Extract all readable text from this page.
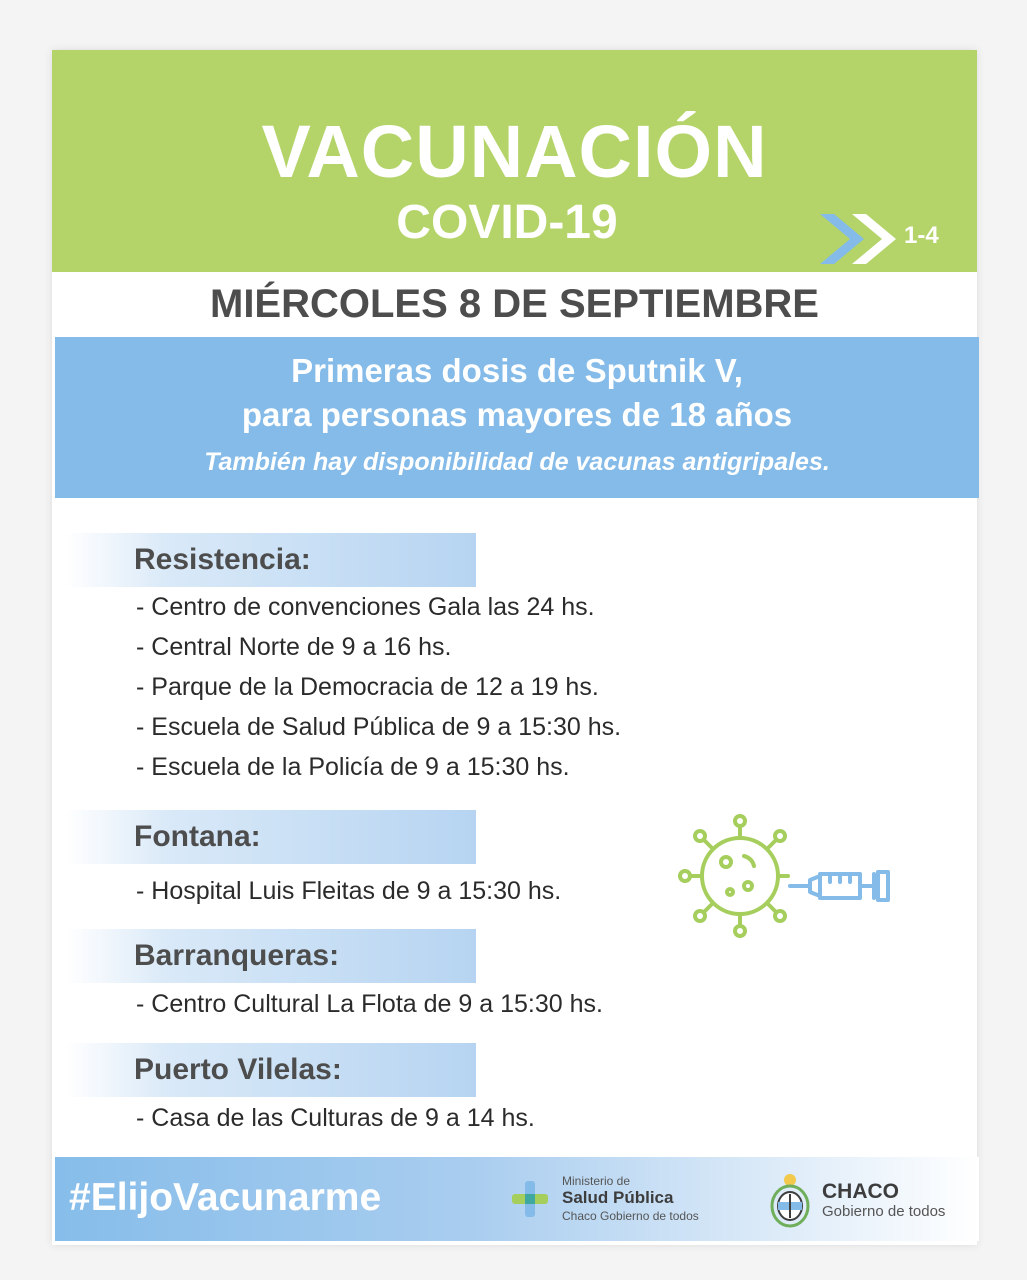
VACUNACIÓN
COVID-19	1-4
MIÉRCOLES 8 DE SEPTIEMBRE
Primeras dosis de Sputnik V,
para personas mayores de 18 años
También hay disponibilidad de vacunas antigripales.
Resistencia:
- Centro de convenciones Gala las 24 hs.
- Central Norte de 9 a 16 hs.
- Parque de la Democracia de 12 a 19 hs.
- Escuela de Salud Pública de 9 a 15:30 hs.
- Escuela de la Policía de 9 a 15:30 hs.
Fontana:
- Hospital Luis Fleitas de 9 a 15:30 hs.
Barranqueras:
- Centro Cultural La Flota de 9 a 15:30 hs.
Puerto Vilelas:
- Casa de las Culturas de 9 a 14 hs.
#ElijoVacunarme	Ministerio de
Salud Pública
Chaco Gobierno de todos
CHACO
Gobierno de todos
